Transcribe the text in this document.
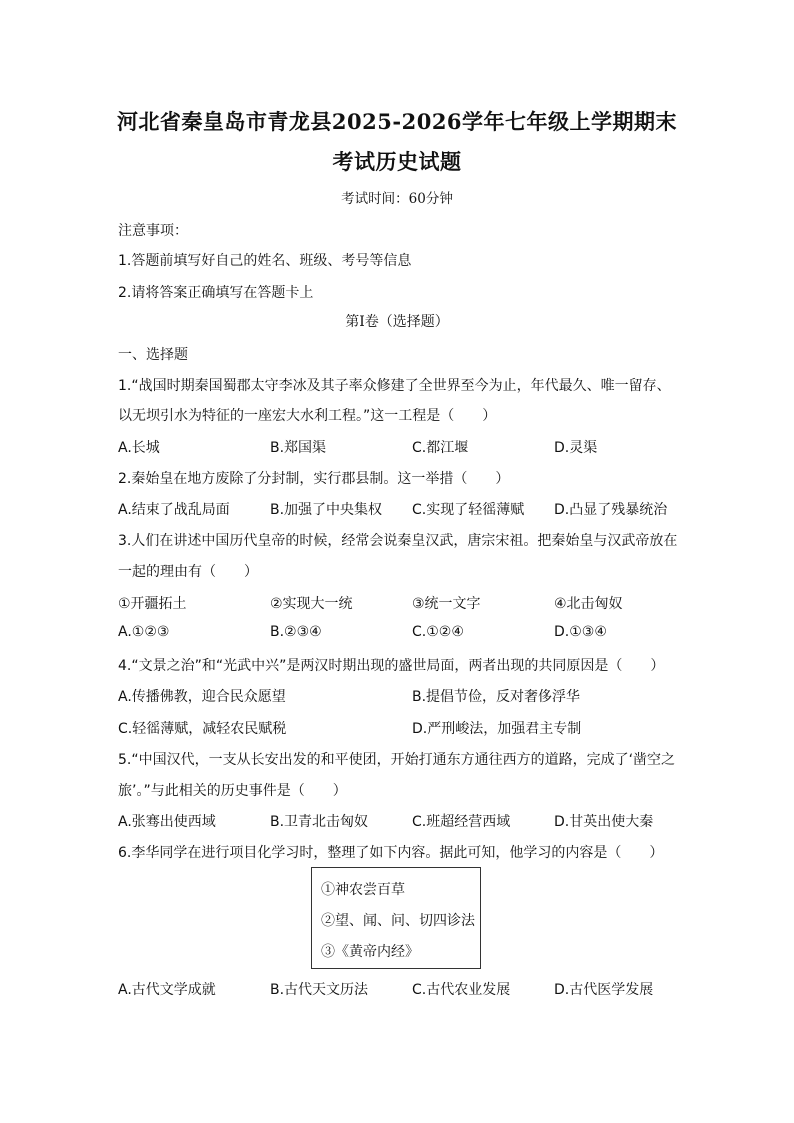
河北省秦皇岛市青龙县2025-2026学年七年级上学期期末
考试历史试题
考试时间：60分钟
注意事项：
1.答题前填写好自己的姓名、班级、考号等信息
2.请将答案正确填写在答题卡上
第Ⅰ卷（选择题）
一、选择题
1.“战国时期秦国蜀郡太守李冰及其子率众修建了全世界至今为止，年代最久、唯一留存、
以无坝引水为特征的一座宏大水利工程。”这一工程是（　　）
A.长城	B.郑国渠	C.都江堰	D.灵渠
2.秦始皇在地方废除了分封制，实行郡县制。这一举措（　　）
A.结束了战乱局面	B.加强了中央集权 C.实现了轻徭薄赋 D.凸显了残暴统治
3.人们在讲述中国历代皇帝的时候，经常会说秦皇汉武，唐宗宋祖。把秦始皇与汉武帝放在
一起的理由有（　　）
①开疆拓土	②实现大一统	③统一文字	④北击匈奴
A.①②③	B.②③④	C.①②④	D.①③④
4.“文景之治”和“光武中兴”是两汉时期出现的盛世局面，两者出现的共同原因是（　　）
A.传播佛教，迎合民众愿望	B.提倡节俭，反对奢侈浮华
C.轻徭薄赋，减轻农民赋税	D.严刑峻法，加强君主专制
5.“中国汉代，一支从长安出发的和平使团，开始打通东方通往西方的道路，完成了‘凿空之
旅’。”与此相关的历史事件是（　　）
A.张骞出使西域	B.卫青北击匈奴	C.班超经营西域	D.甘英出使大秦
6.李华同学在进行项目化学习时，整理了如下内容。据此可知，他学习的内容是（　　）
①神农尝百草
②望、闻、问、切四诊法
③《黄帝内经》
A.古代文学成就	B.古代天文历法	C.古代农业发展	D.古代医学发展
